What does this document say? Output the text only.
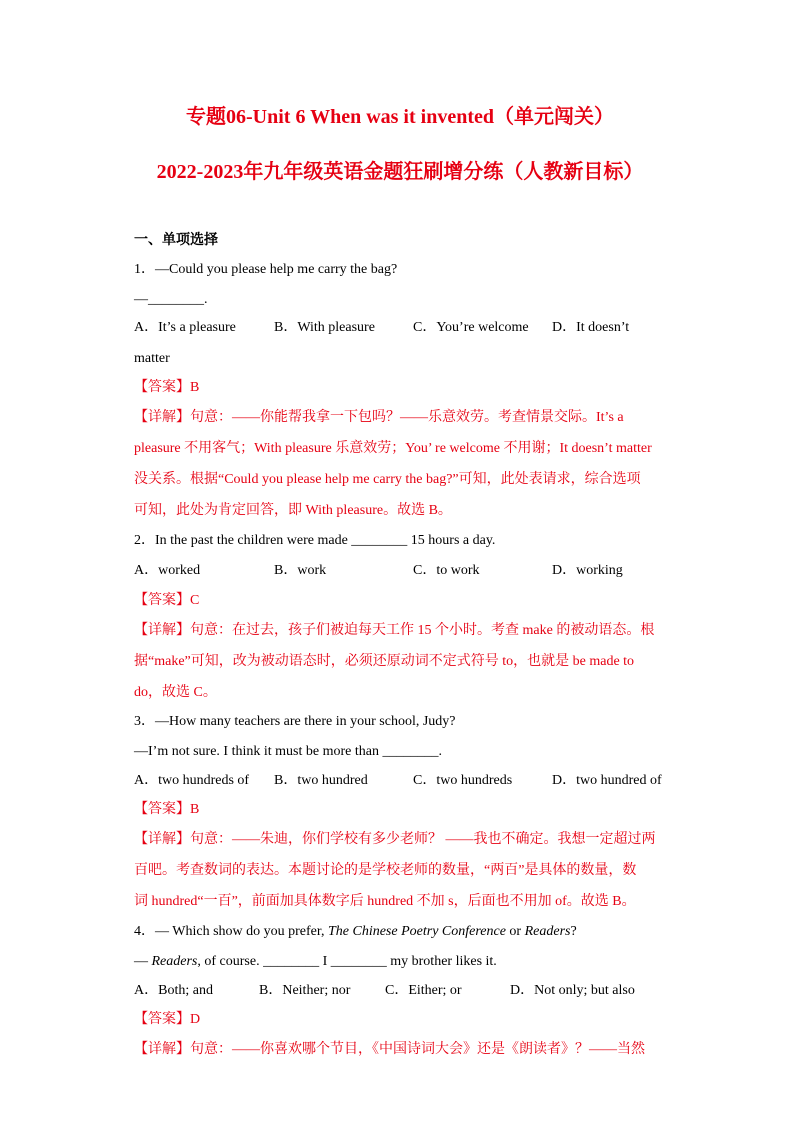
专题06-Unit 6 When was it invented（单元闯关）
2022-2023年九年级英语金题狂刷增分练（人教新目标）
一、单项选择
1．—Could you please help me carry the bag?
—________.
A．It’s a pleasure	B．With pleasure	C．You’re welcome D．It doesn’t
matter
【答案】B
【详解】句意：——你能帮我拿一下包吗？——乐意效劳。考查情景交际。It’s a
pleasure 不用客气；With pleasure 乐意效劳；You’ re welcome 不用谢；It doesn’t matter
没关系。根据“Could you please help me carry the bag?”可知，此处表请求，综合选项
可知，此处为肯定回答，即 With pleasure。故选 B。
2．In the past the children were made ________ 15 hours a day.
A．worked	B．work	C．to work	D．working
【答案】C
【详解】句意：在过去，孩子们被迫每天工作 15 个小时。考查 make 的被动语态。根
据“make”可知，改为被动语态时，必须还原动词不定式符号 to，也就是 be made to
do，故选 C。
3．—How many teachers are there in your school, Judy?
—I’m not sure. I think it must be more than ________.
A．two hundreds of B．two hundred	C．two hundreds	D．two hundred of
【答案】B
【详解】句意：——朱迪，你们学校有多少老师？ ——我也不确定。我想一定超过两
百吧。考查数词的表达。本题讨论的是学校老师的数量，“两百”是具体的数量，数
词 hundred“一百”，前面加具体数字后 hundred 不加 s，后面也不用加 of。故选 B。
4．— Which show do you prefer, The Chinese Poetry Conference or Readers?
— Readers, of course. ________ I ________ my brother likes it.
A．Both; and	B．Neither; nor C．Either; or	D．Not only; but also
【答案】D
【详解】句意：——你喜欢哪个节目，《中国诗词大会》还是《朗读者》？——当然
